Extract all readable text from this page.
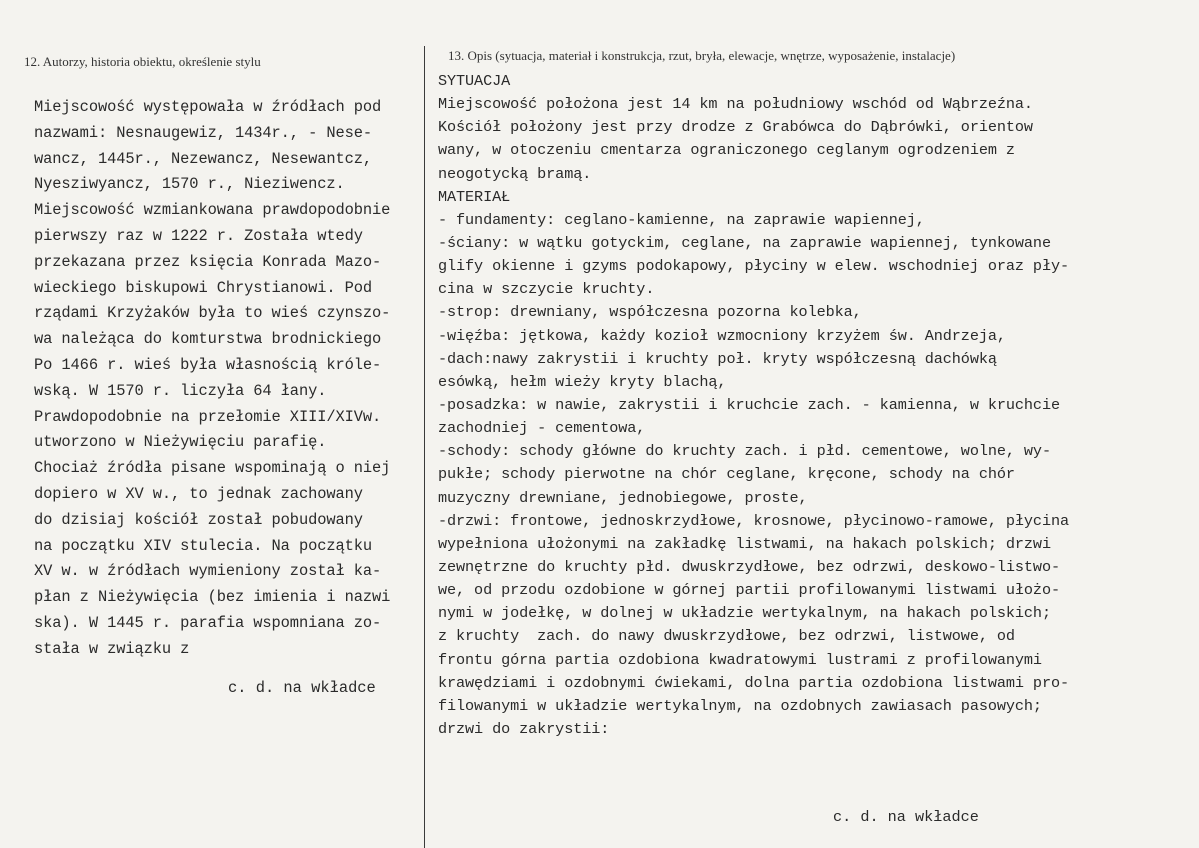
12. Autorzy, historia obiektu, określenie stylu	13. Opis (sytuacja, materiał i konstrukcja, rzut, bryła, elewacje, wnętrze, wyposażenie, instalacje)
Miejscowość występowała w źródłach pod
nazwami: Nesnaugewiz, 1434r., - Nese-
wancz, 1445r., Nezewancz, Nesewantcz,
Nyesziwyancz, 1570 r., Nieziwencz.
Miejscowość wzmiankowana prawdopodobnie
pierwszy raz w 1222 r. Została wtedy
przekazana przez księcia Konrada Mazo-
wieckiego biskupowi Chrystianowi. Pod
rządami Krzyżaków była to wieś czynszo-
wa należąca do komturstwa brodnickiego
Po 1466 r. wieś była własnością króle-
wską. W 1570 r. liczyła 64 łany.
Prawdopodobnie na przełomie XIII/XIVw.
utworzono w Nieżywięciu parafię.
Chociaż źródła pisane wspominają o niej
dopiero w XV w., to jednak zachowany
do dzisiaj kościół został pobudowany
na początku XIV stulecia. Na początku
XV w. w źródłach wymieniony został ka-
płan z Nieżywięcia (bez imienia i nazwi
ska). W 1445 r. parafia wspomniana zo-
stała w związku z
c. d. na wkładce
SYTUACJA
Miejscowość położona jest 14 km na południowy wschód od Wąbrzeźna.
Kościół położony jest przy drodze z Grabówca do Dąbrówki, orientow
wany, w otoczeniu cmentarza ograniczonego ceglanym ogrodzeniem z
neogotycką bramą.
MATERIAŁ
- fundamenty: ceglano-kamienne, na zaprawie wapiennej,
-ściany: w wątku gotyckim, ceglane, na zaprawie wapiennej, tynkowane
glify okienne i gzyms podokapowy, płyciny w elew. wschodniej oraz pły-
cina w szczycie kruchty.
-strop: drewniany, współczesna pozorna kolebka,
-więźba: jętkowa, każdy kozioł wzmocniony krzyżem św. Andrzeja,
-dach:nawy zakrystii i kruchty poł. kryty współczesną dachówką
esówką, hełm wieży kryty blachą,
-posadzka: w nawie, zakrystii i kruchcie zach. - kamienna, w kruchcie
zachodniej - cementowa,
-schody: schody główne do kruchty zach. i płd. cementowe, wolne, wy-
pukłe; schody pierwotne na chór ceglane, kręcone, schody na chór
muzyczny drewniane, jednobiegowe, proste,
-drzwi: frontowe, jednoskrzydłowe, krosnowe, płycinowo-ramowe, płycina
wypełniona ułożonymi na zakładkę listwami, na hakach polskich; drzwi
zewnętrzne do kruchty płd. dwuskrzydłowe, bez odrzwi, deskowo-listwo-
we, od przodu ozdobione w górnej partii profilowanymi listwami ułożo-
nymi w jodełkę, w dolnej w układzie wertykalnym, na hakach polskich;
z kruchty  zach. do nawy dwuskrzydłowe, bez odrzwi, listwowe, od
frontu górna partia ozdobiona kwadratowymi lustrami z profilowanymi
krawędziami i ozdobnymi ćwiekami, dolna partia ozdobiona listwami pro-
filowanymi w układzie wertykalnym, na ozdobnych zawiasach pasowych;
drzwi do zakrystii:
c. d. na wkładce
